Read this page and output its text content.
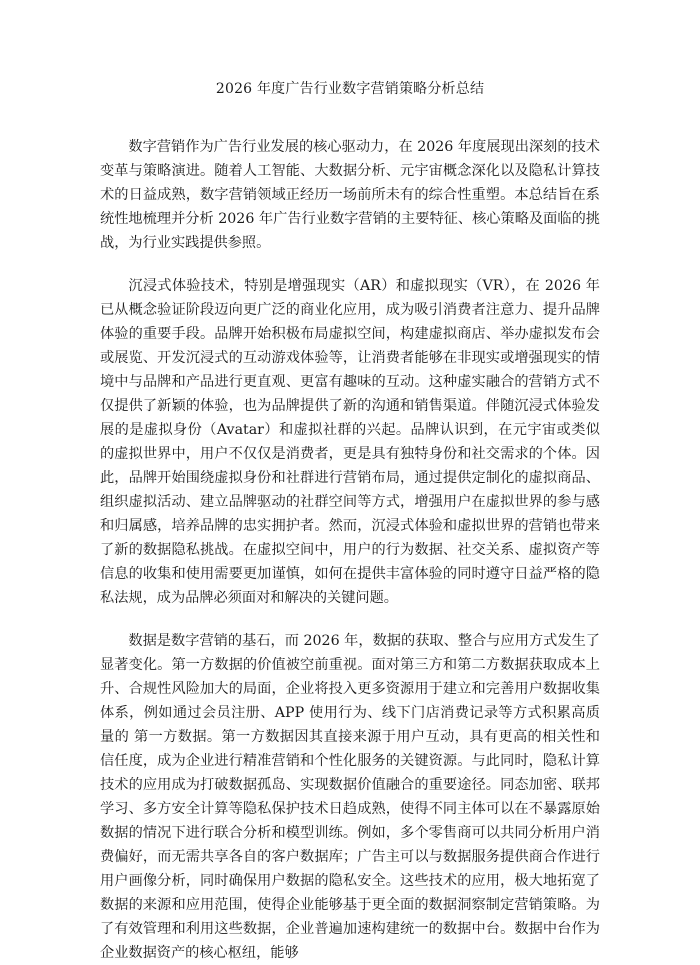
2026 年度广告行业数字营销策略分析总结

数字营销作为广告行业发展的核心驱动力，在 2026 年度展现出深刻的技术变革与策略演进。随着人工智能、大数据分析、元宇宙概念深化以及隐私计算技术的日益成熟，数字营销领域正经历一场前所未有的综合性重塑。本总结旨在系统性地梳理并分析 2026 年广告行业数字营销的主要特征、核心策略及面临的挑战，为行业实践提供参照。

沉浸式体验技术，特别是增强现实（AR）和虚拟现实（VR），在 2026 年已从概念验证阶段迈向更广泛的商业化应用，成为吸引消费者注意力、提升品牌体验的重要手段。品牌开始积极布局虚拟空间，构建虚拟商店、举办虚拟发布会或展览、开发沉浸式的互动游戏体验等，让消费者能够在非现实或增强现实的情境中与品牌和产品进行更直观、更富有趣味的互动。这种虚实融合的营销方式不仅提供了新颖的体验，也为品牌提供了新的沟通和销售渠道。伴随沉浸式体验发展的是虚拟身份（Avatar）和虚拟社群的兴起。品牌认识到，在元宇宙或类似的虚拟世界中，用户不仅仅是消费者，更是具有独特身份和社交需求的个体。因此，品牌开始围绕虚拟身份和社群进行营销布局，通过提供定制化的虚拟商品、组织虚拟活动、建立品牌驱动的社群空间等方式，增强用户在虚拟世界的参与感和归属感，培养品牌的忠实拥护者。然而，沉浸式体验和虚拟世界的营销也带来了新的数据隐私挑战。在虚拟空间中，用户的行为数据、社交关系、虚拟资产等信息的收集和使用需要更加谨慎，如何在提供丰富体验的同时遵守日益严格的隐私法规，成为品牌必须面对和解决的关键问题。

数据是数字营销的基石，而 2026 年，数据的获取、整合与应用方式发生了显著变化。第一方数据的价值被空前重视。面对第三方和第二方数据获取成本上升、合规性风险加大的局面，企业将投入更多资源用于建立和完善用户数据收集体系，例如通过会员注册、APP 使用行为、线下门店消费记录等方式积累高质量的 第一方数据。第一方数据因其直接来源于用户互动，具有更高的相关性和信任度，成为企业进行精准营销和个性化服务的关键资源。与此同时，隐私计算技术的应用成为打破数据孤岛、实现数据价值融合的重要途径。同态加密、联邦学习、多方安全计算等隐私保护技术日趋成熟，使得不同主体可以在不暴露原始数据的情况下进行联合分析和模型训练。例如，多个零售商可以共同分析用户消费偏好，而无需共享各自的客户数据库；广告主可以与数据服务提供商合作进行用户画像分析，同时确保用户数据的隐私安全。这些技术的应用，极大地拓宽了数据的来源和应用范围，使得企业能够基于更全面的数据洞察制定营销策略。为了有效管理和利用这些数据，企业普遍加速构建统一的数据中台。数据中台作为企业数据资产的核心枢纽，能够
